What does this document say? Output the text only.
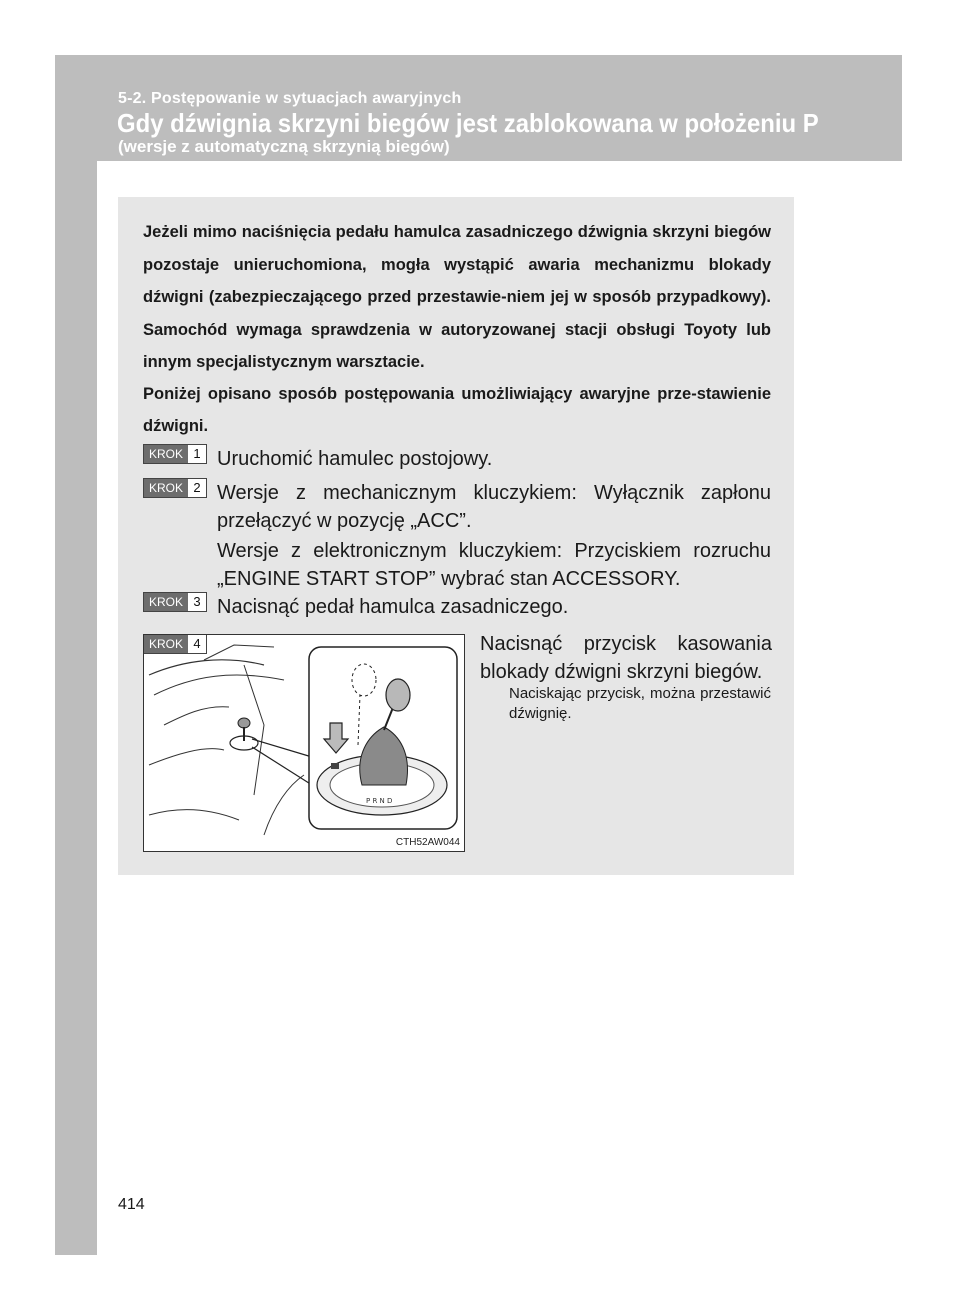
5-2. Postępowanie w sytuacjach awaryjnych
Gdy dźwignia skrzyni biegów jest zablokowana w położeniu P
(wersje z automatyczną skrzynią biegów)

Jeżeli mimo naciśnięcia pedału hamulca zasadniczego dźwignia skrzyni biegów pozostaje unieruchomiona, mogła wystąpić awaria mechanizmu blokady dźwigni (zabezpieczającego przed przestawie-niem jej w sposób przypadkowy). Samochód wymaga sprawdzenia w autoryzowanej stacji obsługi Toyoty lub innym specjalistycznym warsztacie.

Poniżej opisano sposób postępowania umożliwiający awaryjne prze-stawienie dźwigni.

KROK 1 Uruchomić hamulec postojowy.

KROK 2 Wersje z mechanicznym kluczykiem: Wyłącznik zapłonu przełączyć w pozycję „ACC”.

Wersje z elektronicznym kluczykiem: Przyciskiem rozruchu „ENGINE START STOP” wybrać stan ACCESSORY.

KROK 3 Nacisnąć pedał hamulca zasadniczego.

P R N D
CTH52AW044
KROK 4	Nacisnąć przycisk kasowania blokady dźwigni skrzyni biegów.

Naciskając przycisk, można przestawić dźwignię.

414
